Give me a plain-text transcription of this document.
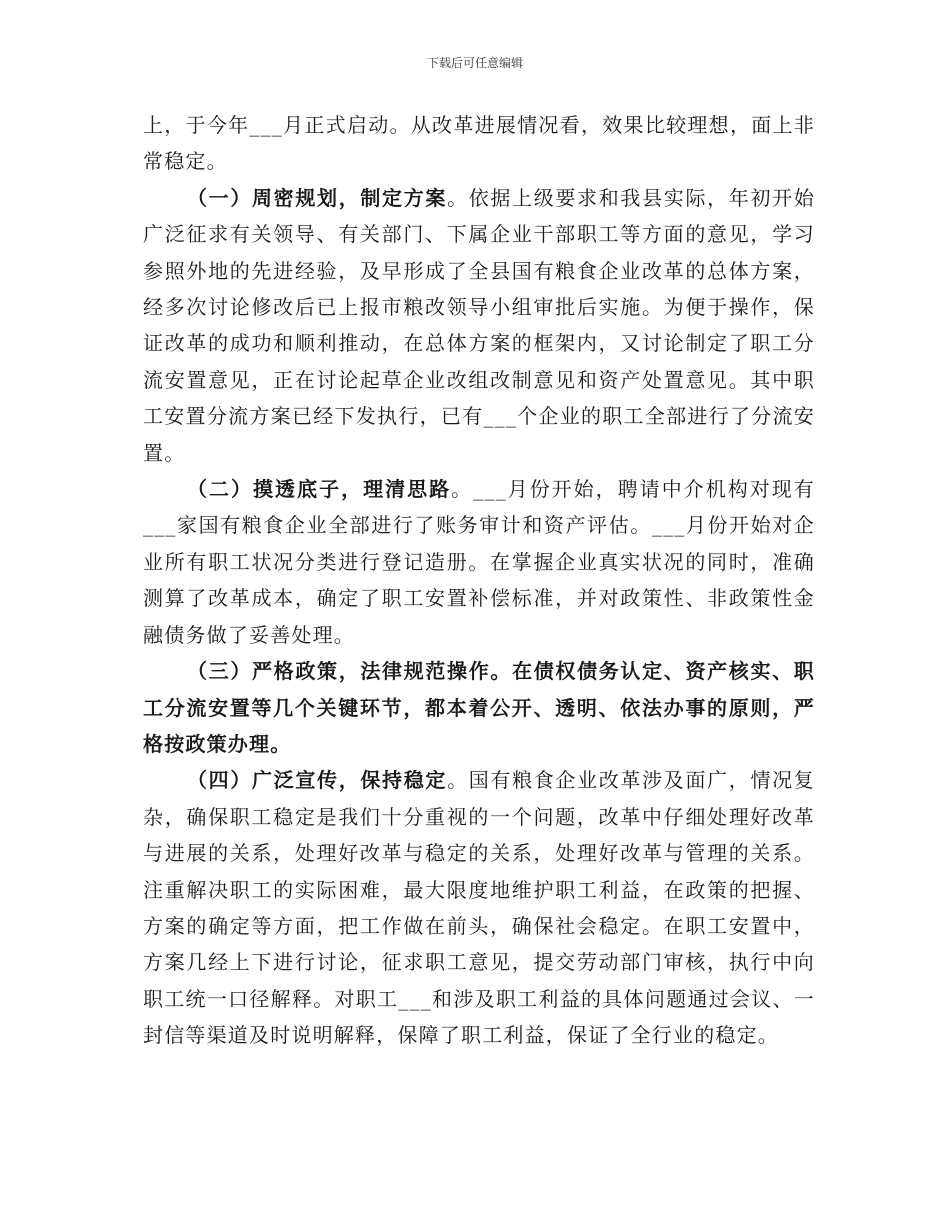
下载后可任意编辑

上，于今年___月正式启动。从改革进展情况看，效果比较理想，面上非常稳定。

（一）周密规划，制定方案。依据上级要求和我县实际，年初开始广泛征求有关领导、有关部门、下属企业干部职工等方面的意见，学习参照外地的先进经验，及早形成了全县国有粮食企业改革的总体方案，经多次讨论修改后已上报市粮改领导小组审批后实施。为便于操作，保证改革的成功和顺利推动，在总体方案的框架内，又讨论制定了职工分流安置意见，正在讨论起草企业改组改制意见和资产处置意见。其中职工安置分流方案已经下发执行，已有___个企业的职工全部进行了分流安置。

（二）摸透底子，理清思路。___月份开始，聘请中介机构对现有___家国有粮食企业全部进行了账务审计和资产评估。___月份开始对企业所有职工状况分类进行登记造册。在掌握企业真实状况的同时，准确测算了改革成本，确定了职工安置补偿标准，并对政策性、非政策性金融债务做了妥善处理。

（三）严格政策，法律规范操作。在债权债务认定、资产核实、职工分流安置等几个关键环节，都本着公开、透明、依法办事的原则，严格按政策办理。

（四）广泛宣传，保持稳定。国有粮食企业改革涉及面广，情况复杂，确保职工稳定是我们十分重视的一个问题，改革中仔细处理好改革与进展的关系，处理好改革与稳定的关系，处理好改革与管理的关系。注重解决职工的实际困难，最大限度地维护职工利益，在政策的把握、方案的确定等方面，把工作做在前头，确保社会稳定。在职工安置中，方案几经上下进行讨论，征求职工意见，提交劳动部门审核，执行中向职工统一口径解释。对职工___和涉及职工利益的具体问题通过会议、一封信等渠道及时说明解释，保障了职工利益，保证了全行业的稳定。
